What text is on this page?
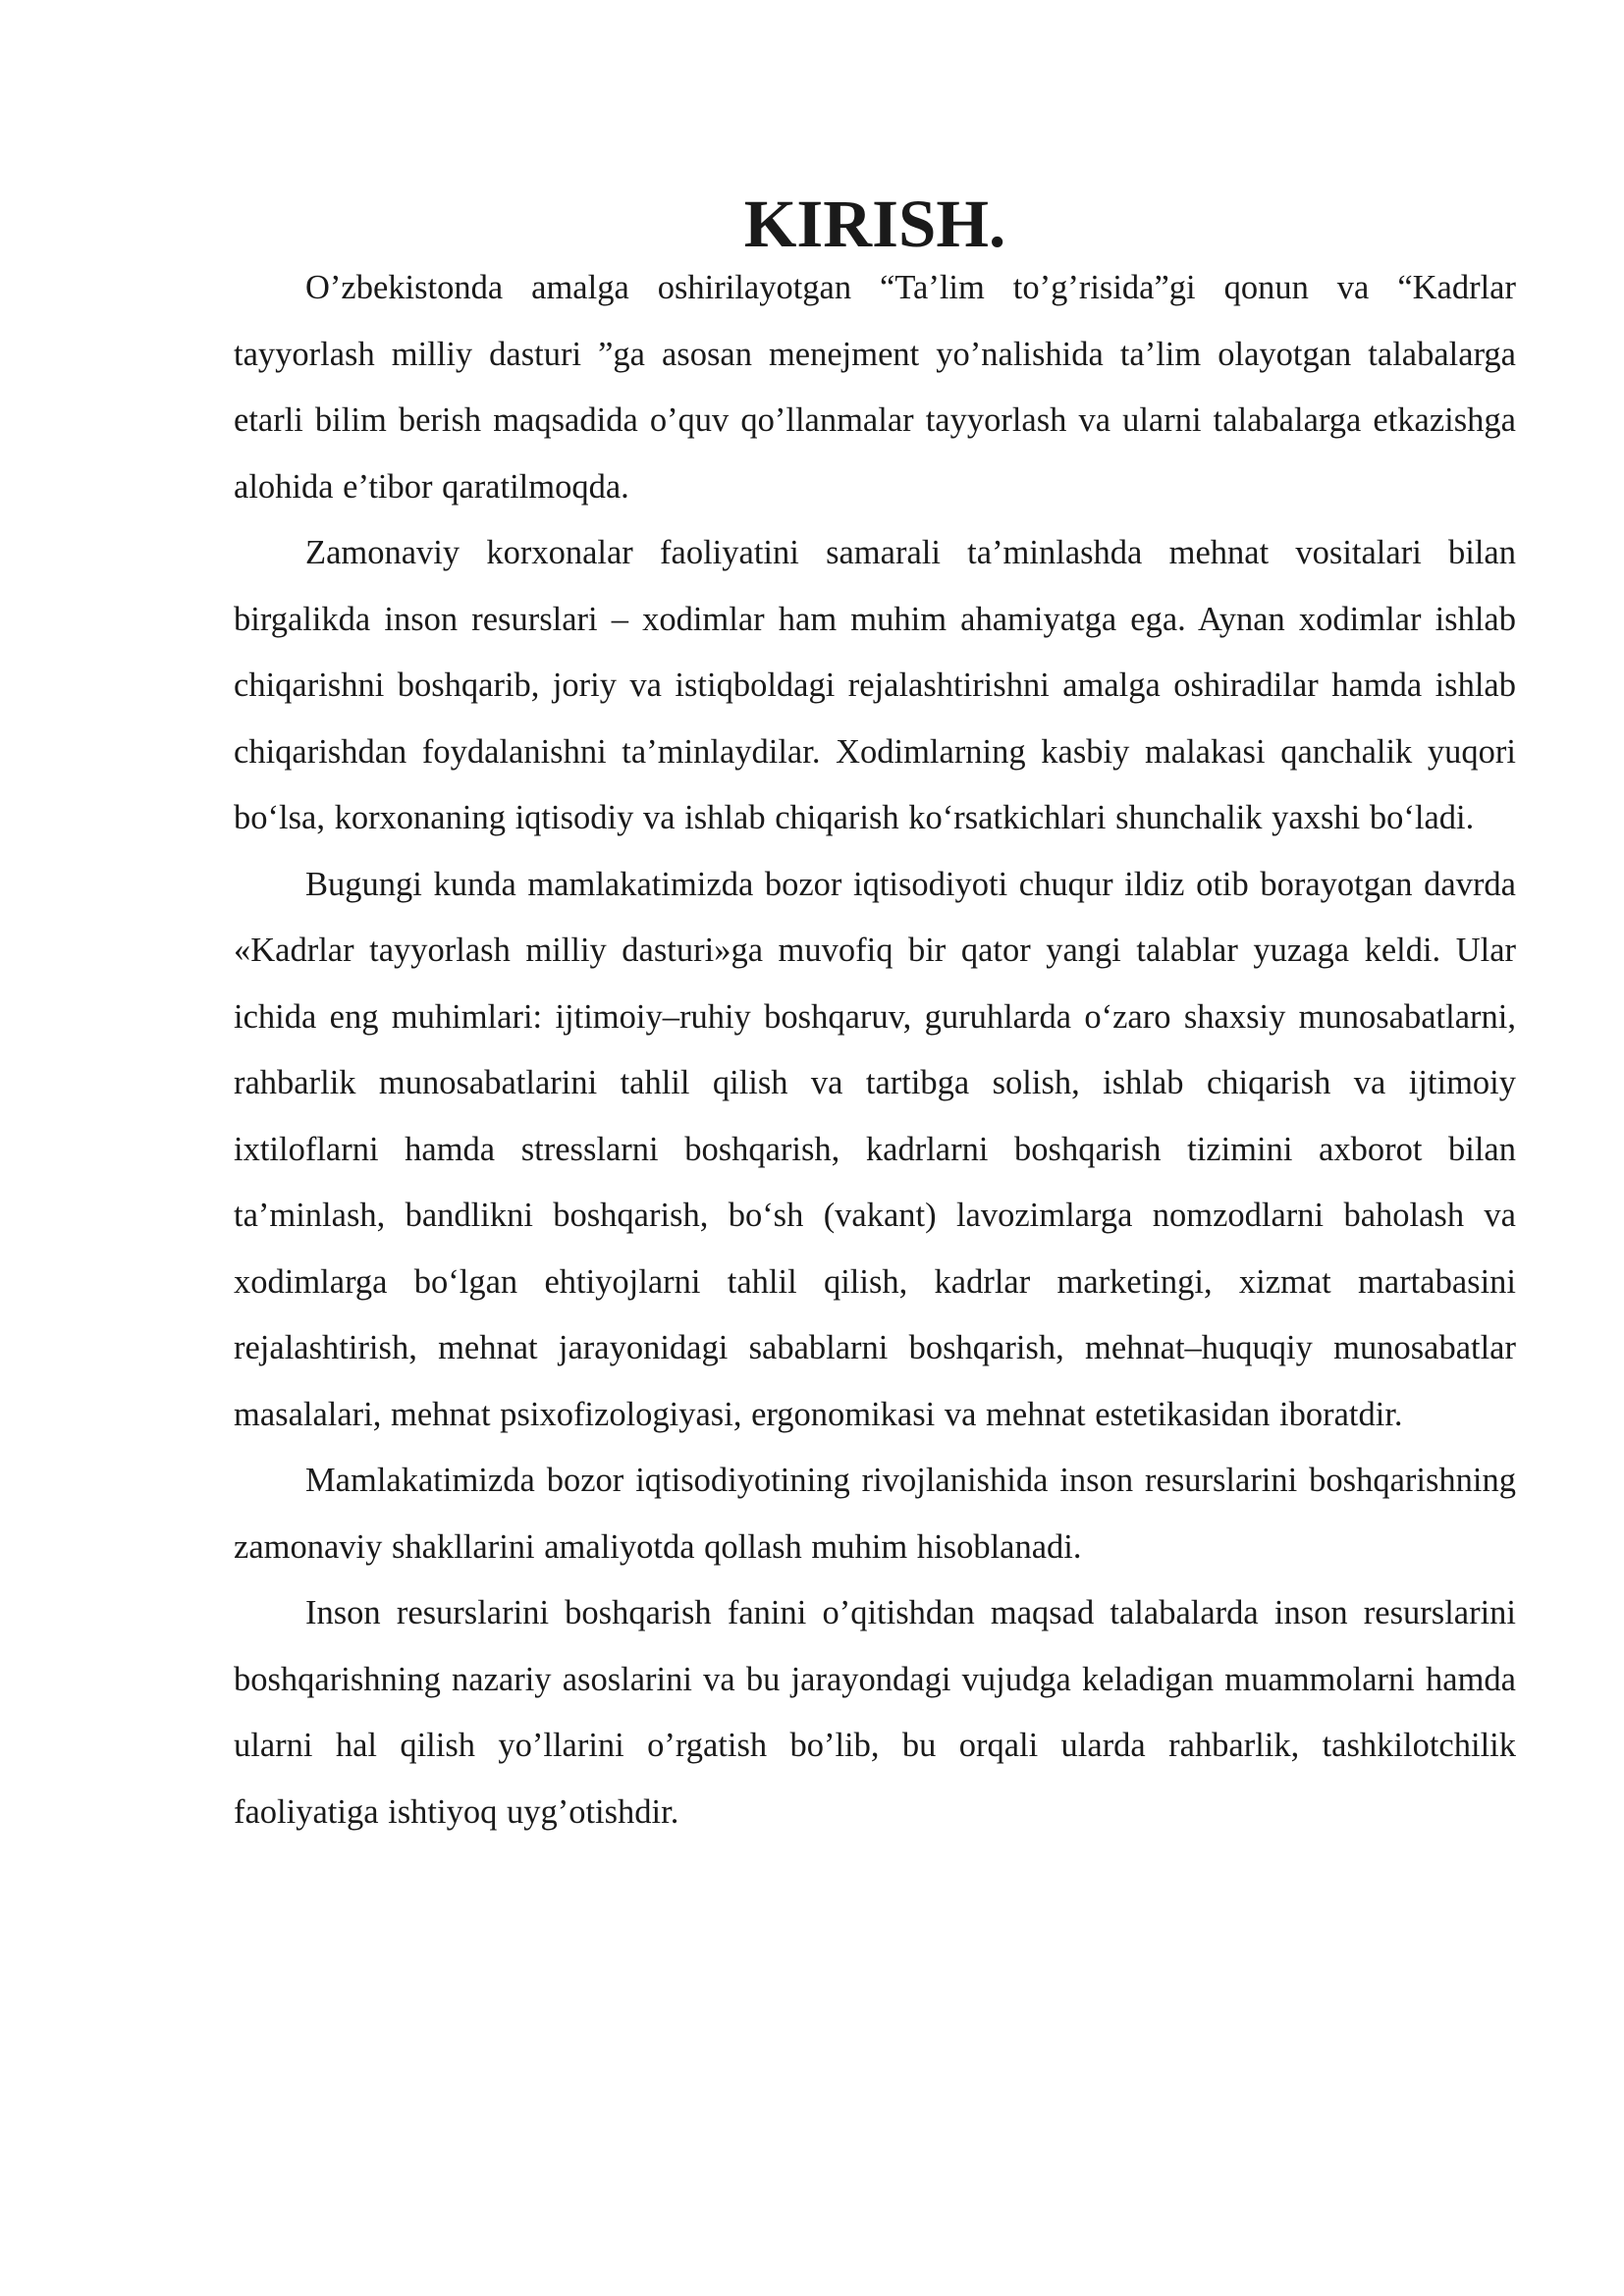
KIRISH.

O’zbekistonda amalga oshirilayotgan “Ta’lim to’g’risida”gi qonun va “Kadrlar tayyorlash milliy dasturi ”ga asosan menejment yo’nalishida ta’lim olayotgan talabalarga etarli bilim berish maqsadida o’quv qo’llanmalar tayyorlash va ularni talabalarga etkazishga alohida e’tibor qaratilmoqda.

Zamonaviy korxonalar faoliyatini samarali ta’minlashda mehnat vositalari bilan birgalikda inson resurslari – xodimlar ham muhim ahamiyatga ega. Aynan xodimlar ishlab chiqarishni boshqarib, joriy va istiqboldagi rejalashtirishni amalga oshiradilar hamda ishlab chiqarishdan foydalanishni ta’minlaydilar. Xodimlarning kasbiy malakasi qanchalik yuqori bo‘lsa, korxonaning iqtisodiy va ishlab chiqarish ko‘rsatkichlari shunchalik yaxshi bo‘ladi.

Bugungi kunda mamlakatimizda bozor iqtisodiyoti chuqur ildiz otib borayotgan davrda «Kadrlar tayyorlash milliy dasturi»ga muvofiq bir qator yangi talablar yuzaga keldi. Ular ichida eng muhimlari: ijtimoiy–ruhiy boshqaruv, guruhlarda o‘zaro shaxsiy munosabatlarni, rahbarlik munosabatlarini tahlil qilish va tartibga solish, ishlab chiqarish va ijtimoiy ixtiloflarni hamda stresslarni boshqarish, kadrlarni boshqarish tizimini axborot bilan ta’minlash, bandlikni boshqarish, bo‘sh (vakant) lavozimlarga nomzodlarni baholash va xodimlarga bo‘lgan ehtiyojlarni tahlil qilish, kadrlar marketingi, xizmat martabasini rejalashtirish, mehnat jarayonidagi sabablarni boshqarish, mehnat–huquqiy munosabatlar masalalari, mehnat psixofizologiyasi, ergonomikasi va mehnat estetikasidan iboratdir.

Mamlakatimizda bozor iqtisodiyotining rivojlanishida inson resurslarini boshqarishning zamonaviy shakllarini amaliyotda qollash muhim hisoblanadi.

Inson resurslarini boshqarish fanini o’qitishdan maqsad talabalarda inson resurslarini boshqarishning nazariy asoslarini va bu jarayondagi vujudga keladigan muammolarni hamda ularni hal qilish yo’llarini o’rgatish bo’lib, bu orqali ularda rahbarlik, tashkilotchilik faoliyatiga ishtiyoq uyg’otishdir.
